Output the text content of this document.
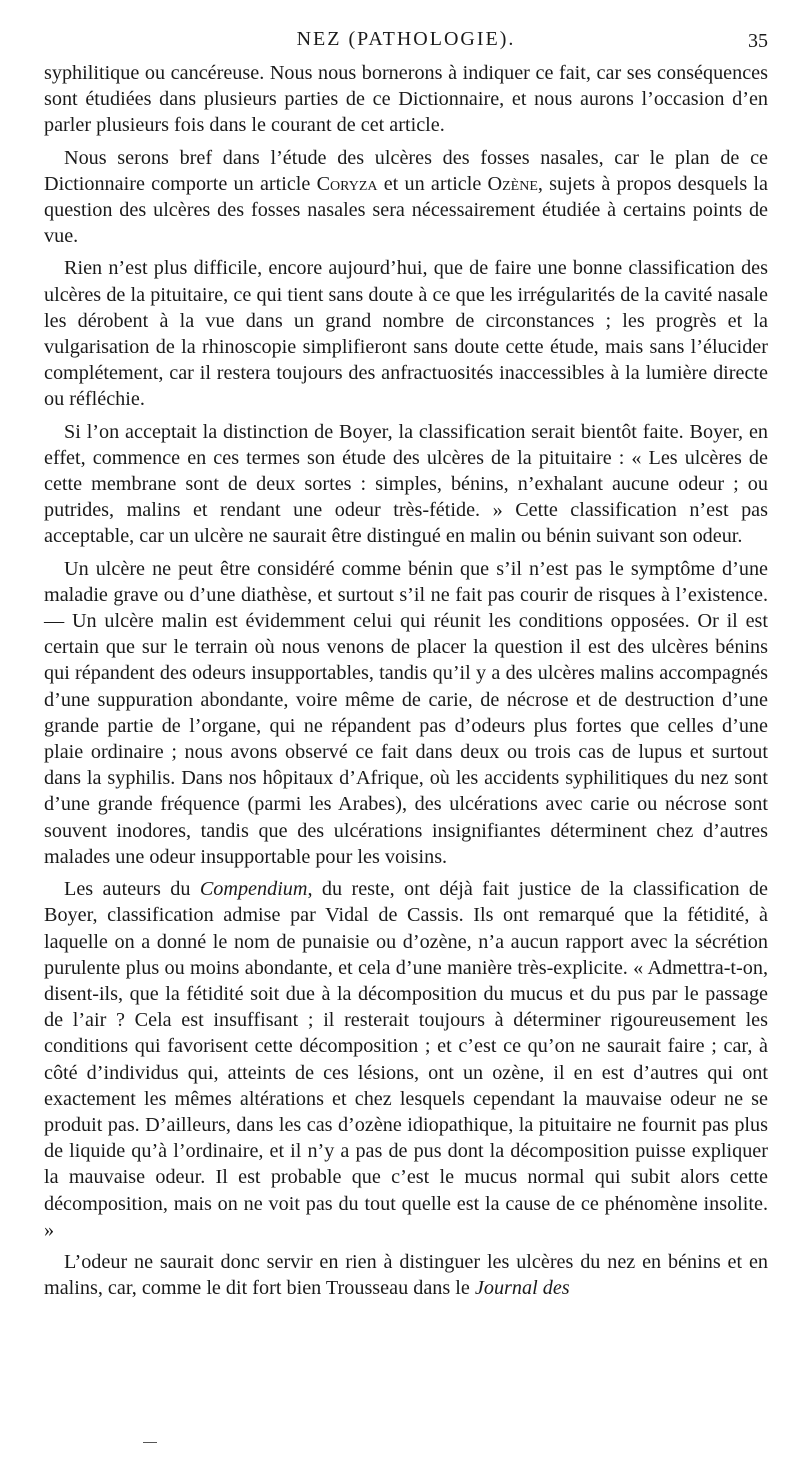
NEZ (PATHOLOGIE).	35

syphilitique ou cancéreuse. Nous nous bornerons à indiquer ce fait, car ses conséquences sont étudiées dans plusieurs parties de ce Dictionnaire, et nous aurons l’occasion d’en parler plusieurs fois dans le courant de cet article.

Nous serons bref dans l’étude des ulcères des fosses nasales, car le plan de ce Dictionnaire comporte un article Coryza et un article Ozène, sujets à propos desquels la question des ulcères des fosses nasales sera nécessairement étudiée à certains points de vue.

Rien n’est plus difficile, encore aujourd’hui, que de faire une bonne classification des ulcères de la pituitaire, ce qui tient sans doute à ce que les irrégularités de la cavité nasale les dérobent à la vue dans un grand nombre de circonstances ; les progrès et la vulgarisation de la rhinoscopie simplifieront sans doute cette étude, mais sans l’élucider complétement, car il restera toujours des anfractuosités inaccessibles à la lumière directe ou réfléchie.

Si l’on acceptait la distinction de Boyer, la classification serait bientôt faite. Boyer, en effet, commence en ces termes son étude des ulcères de la pituitaire : « Les ulcères de cette membrane sont de deux sortes : simples, bénins, n’exhalant aucune odeur ; ou putrides, malins et rendant une odeur très-fétide. » Cette classification n’est pas acceptable, car un ulcère ne saurait être distingué en malin ou bénin suivant son odeur.

Un ulcère ne peut être considéré comme bénin que s’il n’est pas le symptôme d’une maladie grave ou d’une diathèse, et surtout s’il ne fait pas courir de risques à l’existence. — Un ulcère malin est évidemment celui qui réunit les conditions opposées. Or il est certain que sur le terrain où nous venons de placer la question il est des ulcères bénins qui répandent des odeurs insupportables, tandis qu’il y a des ulcères malins accompagnés d’une suppuration abondante, voire même de carie, de nécrose et de destruction d’une grande partie de l’organe, qui ne répandent pas d’odeurs plus fortes que celles d’une plaie ordinaire ; nous avons observé ce fait dans deux ou trois cas de lupus et surtout dans la syphilis. Dans nos hôpitaux d’Afrique, où les accidents syphilitiques du nez sont d’une grande fréquence (parmi les Arabes), des ulcérations avec carie ou nécrose sont souvent inodores, tandis que des ulcérations insignifiantes déterminent chez d’autres malades une odeur insupportable pour les voisins.

Les auteurs du Compendium, du reste, ont déjà fait justice de la classification de Boyer, classification admise par Vidal de Cassis. Ils ont remarqué que la fétidité, à laquelle on a donné le nom de punaisie ou d’ozène, n’a aucun rapport avec la sécrétion purulente plus ou moins abondante, et cela d’une manière très-explicite. « Admettra-t-on, disent-ils, que la fétidité soit due à la décomposition du mucus et du pus par le passage de l’air ? Cela est insuffisant ; il resterait toujours à déterminer rigoureusement les conditions qui favorisent cette décomposition ; et c’est ce qu’on ne saurait faire ; car, à côté d’individus qui, atteints de ces lésions, ont un ozène, il en est d’autres qui ont exactement les mêmes altérations et chez lesquels cependant la mauvaise odeur ne se produit pas. D’ailleurs, dans les cas d’ozène idiopathique, la pituitaire ne fournit pas plus de liquide qu’à l’ordinaire, et il n’y a pas de pus dont la décomposition puisse expliquer la mauvaise odeur. Il est probable que c’est le mucus normal qui subit alors cette décomposition, mais on ne voit pas du tout quelle est la cause de ce phénomène insolite. »

L’odeur ne saurait donc servir en rien à distinguer les ulcères du nez en bénins et en malins, car, comme le dit fort bien Trousseau dans le Journal des
